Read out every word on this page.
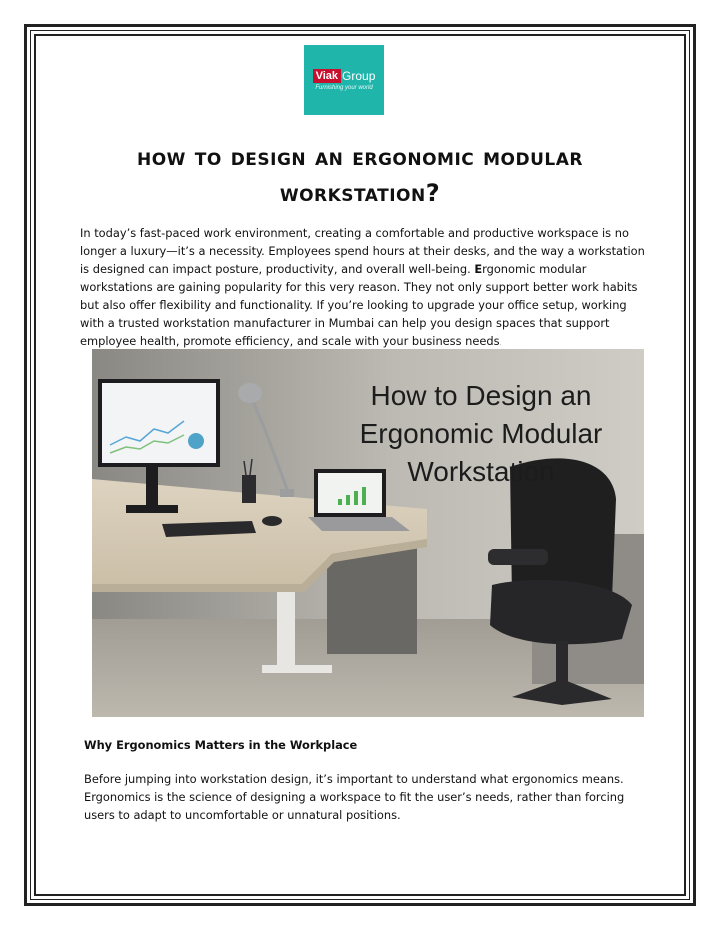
Viak Group
Furnishing your world
how to design an ergonomic modular workstation?

In today’s fast-paced work environment, creating a comfortable and productive workspace is no longer a luxury—it’s a necessity. Employees spend hours at their desks, and the way a workstation is designed can impact posture, productivity, and overall well-being. Ergonomic modular workstations are gaining popularity for this very reason. They not only support better work habits but also offer flexibility and functionality. If you’re looking to upgrade your office setup, working with a trusted workstation manufacturer in Mumbai can help you design spaces that support employee health, promote efficiency, and scale with your business needs.

How to Design an Ergonomic Modular Workstation
Why Ergonomics Matters in the Workplace

Before jumping into workstation design, it’s important to understand what ergonomics means. Ergonomics is the science of designing a workspace to fit the user’s needs, rather than forcing users to adapt to uncomfortable or unnatural positions.
